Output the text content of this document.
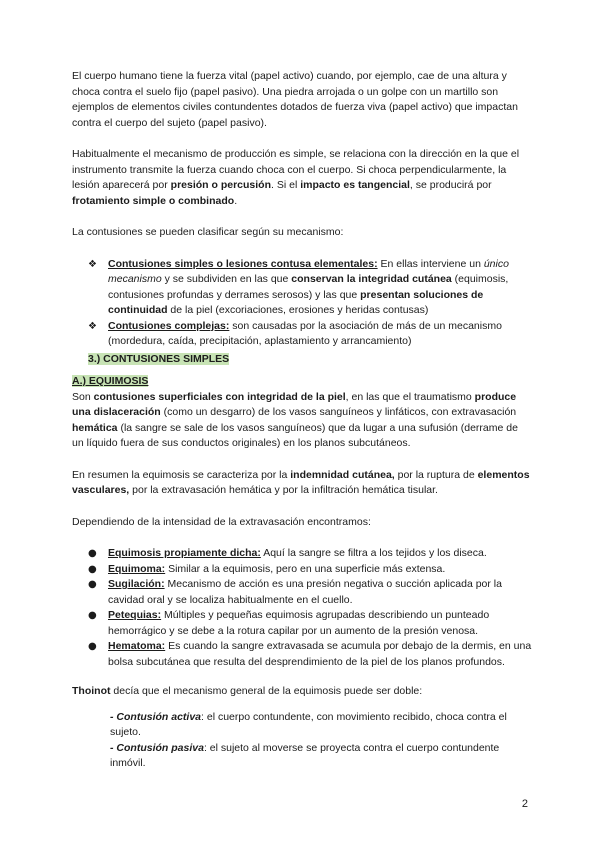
El cuerpo humano tiene la fuerza vital (papel activo) cuando, por ejemplo, cae de una altura y choca contra el suelo fijo (papel pasivo). Una piedra arrojada o un golpe con un martillo son ejemplos de elementos civiles contundentes dotados de fuerza viva (papel activo) que impactan contra el cuerpo del sujeto (papel pasivo).

Habitualmente el mecanismo de producción es simple, se relaciona con la dirección en la que el instrumento transmite la fuerza cuando choca con el cuerpo. Si choca perpendicularmente, la lesión aparecerá por presión o percusión. Si el impacto es tangencial, se producirá por frotamiento simple o combinado.

La contusiones se pueden clasificar según su mecanismo:

❖	Contusiones simples o lesiones contusa elementales: En ellas interviene un único mecanismo y se subdividen en las que conservan la integridad cutánea (equimosis, contusiones profundas y derrames serosos) y las que presentan soluciones de continuidad de la piel (excoriaciones, erosiones y heridas contusas)
❖	Contusiones complejas: son causadas por la asociación de más de un mecanismo (mordedura, caída, precipitación, aplastamiento y arrancamiento)

3.) CONTUSIONES SIMPLES

A.) EQUIMOSIS

Son contusiones superficiales con integridad de la piel, en las que el traumatismo produce una dislaceración (como un desgarro) de los vasos sanguíneos y linfáticos, con extravasación hemática (la sangre se sale de los vasos sanguíneos) que da lugar a una sufusión (derrame de un líquido fuera de sus conductos originales) en los planos subcutáneos.

En resumen la equimosis se caracteriza por la indemnidad cutánea, por la ruptura de elementos vasculares, por la extravasación hemática y por la infiltración hemática tisular.

Dependiendo de la intensidad de la extravasación encontramos:

●	Equimosis propiamente dicha: Aquí la sangre se filtra a los tejidos y los diseca.
●	Equimoma: Similar a la equimosis, pero en una superficie más extensa.
●	Sugilación: Mecanismo de acción es una presión negativa o succión aplicada por la cavidad oral y se localiza habitualmente en el cuello.
●	Petequias: Múltiples y pequeñas equimosis agrupadas describiendo un punteado hemorrágico y se debe a la rotura capilar por un aumento de la presión venosa.
●	Hematoma: Es cuando la sangre extravasada se acumula por debajo de la dermis, en una bolsa subcutánea que resulta del desprendimiento de la piel de los planos profundos.

Thoinot decía que el mecanismo general de la equimosis puede ser doble:

- Contusión activa: el cuerpo contundente, con movimiento recibido, choca contra el sujeto.

- Contusión pasiva: el sujeto al moverse se proyecta contra el cuerpo contundente inmóvil.

2
